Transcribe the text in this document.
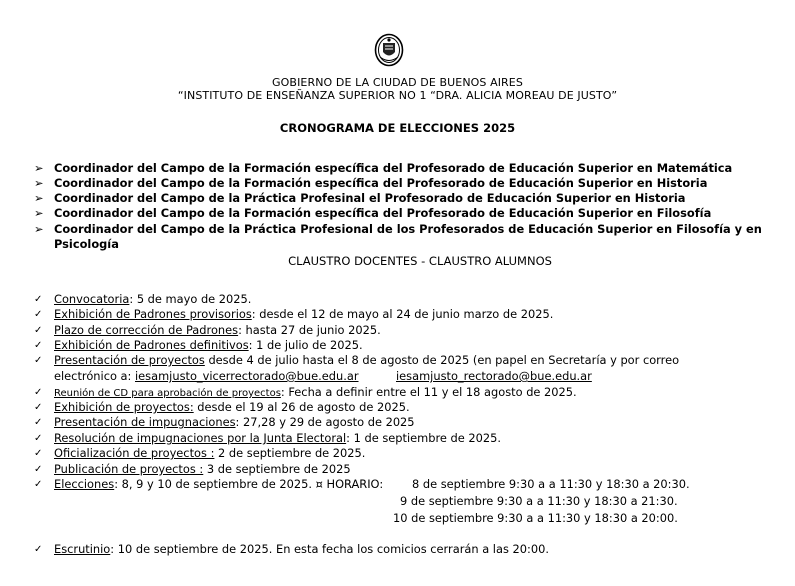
GOBIERNO DE LA CIUDAD DE BUENOS AIRES
“INSTITUTO DE ENSEÑANZA SUPERIOR NO 1 “DRA. ALICIA MOREAU DE JUSTO”
CRONOGRAMA DE ELECCIONES 2025
➢ Coordinador del Campo de la Formación específica del Profesorado de Educación Superior en Matemática
➢ Coordinador del Campo de la Formación específica del Profesorado de Educación Superior en Historia
➢ Coordinador del Campo de la Práctica Profesinal el Profesorado de Educación Superior en Historia
➢ Coordinador del Campo de la Formación específica del Profesorado de Educación Superior en Filosofía
➢ Coordinador del Campo de la Práctica Profesional de los Profesorados de Educación Superior en Filosofía y en
Psicología
CLAUSTRO DOCENTES - CLAUSTRO ALUMNOS
✓ Convocatoria: 5 de mayo de 2025.
✓ Exhibición de Padrones provisorios: desde el 12 de mayo al 24 de junio marzo de 2025.
✓ Plazo de corrección de Padrones: hasta 27 de junio 2025.
✓ Exhibición de Padrones definitivos: 1 de julio de 2025.
✓ Presentación de proyectos desde 4 de julio hasta el 8 de agosto de 2025 (en papel en Secretaría y por correo
electrónico a: iesamjusto_vicerrectorado@bue.edu.ar	iesamjusto_rectorado@bue.edu.ar
✓ Reunión de CD para aprobación de proyectos: Fecha a definir entre el 11 y el 18 agosto de 2025.
✓ Exhibición de proyectos: desde el 19 al 26 de agosto de 2025.
✓ Presentación de impugnaciones: 27,28 y 29 de agosto de 2025
✓ Resolución de impugnaciones por la Junta Electoral: 1 de septiembre de 2025.
✓ Oficialización de proyectos : 2 de septiembre de 2025.
✓ Publicación de proyectos : 3 de septiembre de 2025
✓ Elecciones: 8, 9 y 10 de septiembre de 2025. ¤ HORARIO:	8 de septiembre 9:30 a a 11:30 y 18:30 a 20:30.
9 de septiembre 9:30 a a 11:30 y 18:30 a 21:30.
10 de septiembre 9:30 a a 11:30 y 18:30 a 20:00.
✓ Escrutinio: 10 de septiembre de 2025. En esta fecha los comicios cerrarán a las 20:00.
